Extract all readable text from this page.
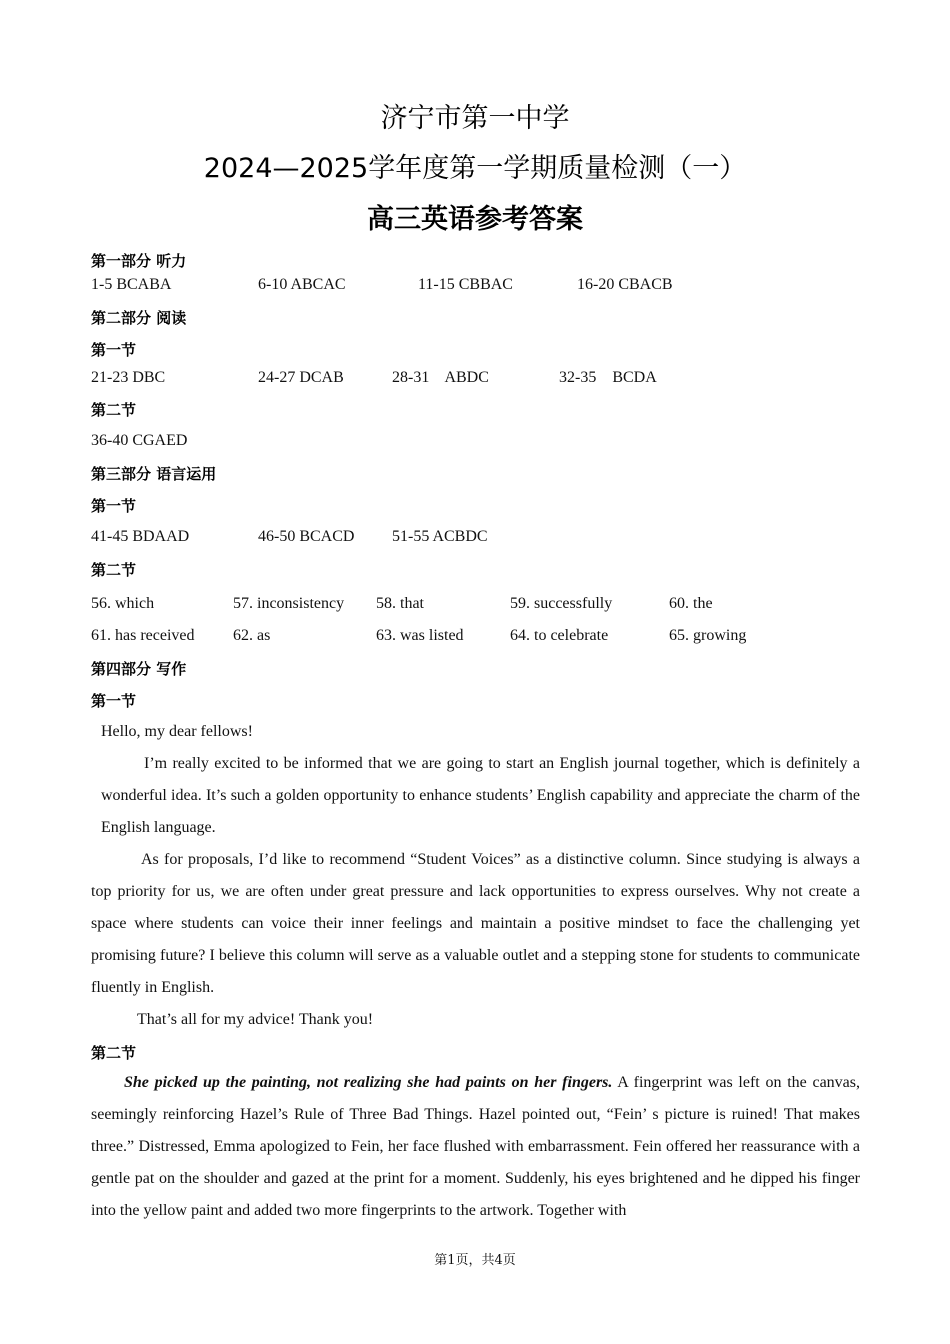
济宁市第一中学
2024—2025学年度第一学期质量检测（一）
高三英语参考答案
第一部分 听力
1-5 BCABA	6-10 ABCAC	11-15 CBBAC	16-20 CBACB
第二部分 阅读
第一节
21-23 DBC	24-27 DCAB	28-31    ABDC	32-35    BCDA
第二节
36-40 CGAED
第三部分 语言运用
第一节
41-45 BDAAD	46-50 BCACD 51-55 ACBDC
第二节
56. which	57. inconsistency 58. that	59. successfully	60. the
61. has received 62. as	63. was listed	64. to celebrate	65. growing
第四部分 写作
第一节
Hello, my dear fellows!
I’m really excited to be informed that we are going to start an English journal together, which is definitely a wonderful idea. It’s such a golden opportunity to enhance students’ English capability and appreciate the charm of the English language.
As for proposals, I’d like to recommend “Student Voices” as a distinctive column. Since studying is always a top priority for us, we are often under great pressure and lack opportunities to express ourselves. Why not create a space where students can voice their inner feelings and maintain a positive mindset to face the challenging yet promising future? I believe this column will serve as a valuable outlet and a stepping stone for students to communicate fluently in English.
That’s all for my advice! Thank you!
第二节
She picked up the painting, not realizing she had paints on her fingers. A fingerprint was left on the canvas, seemingly reinforcing Hazel’s Rule of Three Bad Things. Hazel pointed out, “Fein’ s picture is ruined! That makes three.” Distressed, Emma apologized to Fein, her face flushed with embarrassment. Fein offered her reassurance with a gentle pat on the shoulder and gazed at the print for a moment. Suddenly, his eyes brightened and he dipped his finger into the yellow paint and added two more fingerprints to the artwork. Together with
第1页，共4页
